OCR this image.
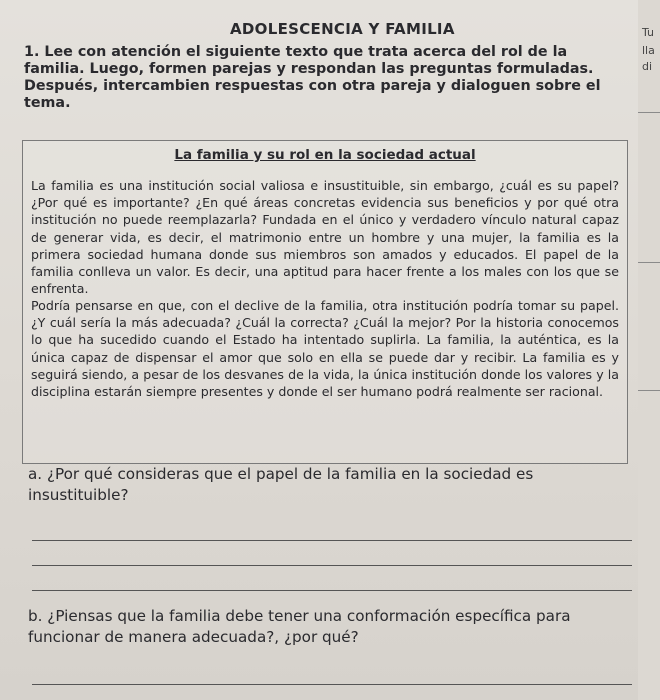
ADOLESCENCIA Y FAMILIA

1. Lee con atención el siguiente texto que trata acerca del rol de la familia. Luego, formen parejas y respondan las preguntas formuladas. Después, intercambien respuestas con otra pareja y dialoguen sobre el tema.

La familia y su rol en la sociedad actual

La familia es una institución social valiosa e insustituible, sin embargo, ¿cuál es su papel? ¿Por qué es importante? ¿En qué áreas concretas evidencia sus beneficios y por qué otra institución no puede reemplazarla? Fundada en el único y verdadero vínculo natural capaz de generar vida, es decir, el matrimonio entre un hombre y una mujer, la familia es la primera sociedad humana donde sus miembros son amados y educados. El papel de la familia conlleva un valor. Es decir, una aptitud para hacer frente a los males con los que se enfrenta.

Podría pensarse en que, con el declive de la familia, otra institución podría tomar su papel. ¿Y cuál sería la más adecuada? ¿Cuál la correcta? ¿Cuál la mejor? Por la historia conocemos lo que ha sucedido cuando el Estado ha intentado suplirla. La familia, la auténtica, es la única capaz de dispensar el amor que solo en ella se puede dar y recibir. La familia es y seguirá siendo, a pesar de los desvanes de la vida, la única institución donde los valores y la disciplina estarán siempre presentes y donde el ser humano podrá realmente ser racional.

a. ¿Por qué consideras que el papel de la familia en la sociedad es insustituible?

b. ¿Piensas que la familia debe tener una conformación específica para funcionar de manera adecuada?, ¿por qué?

Tu
lla
di
